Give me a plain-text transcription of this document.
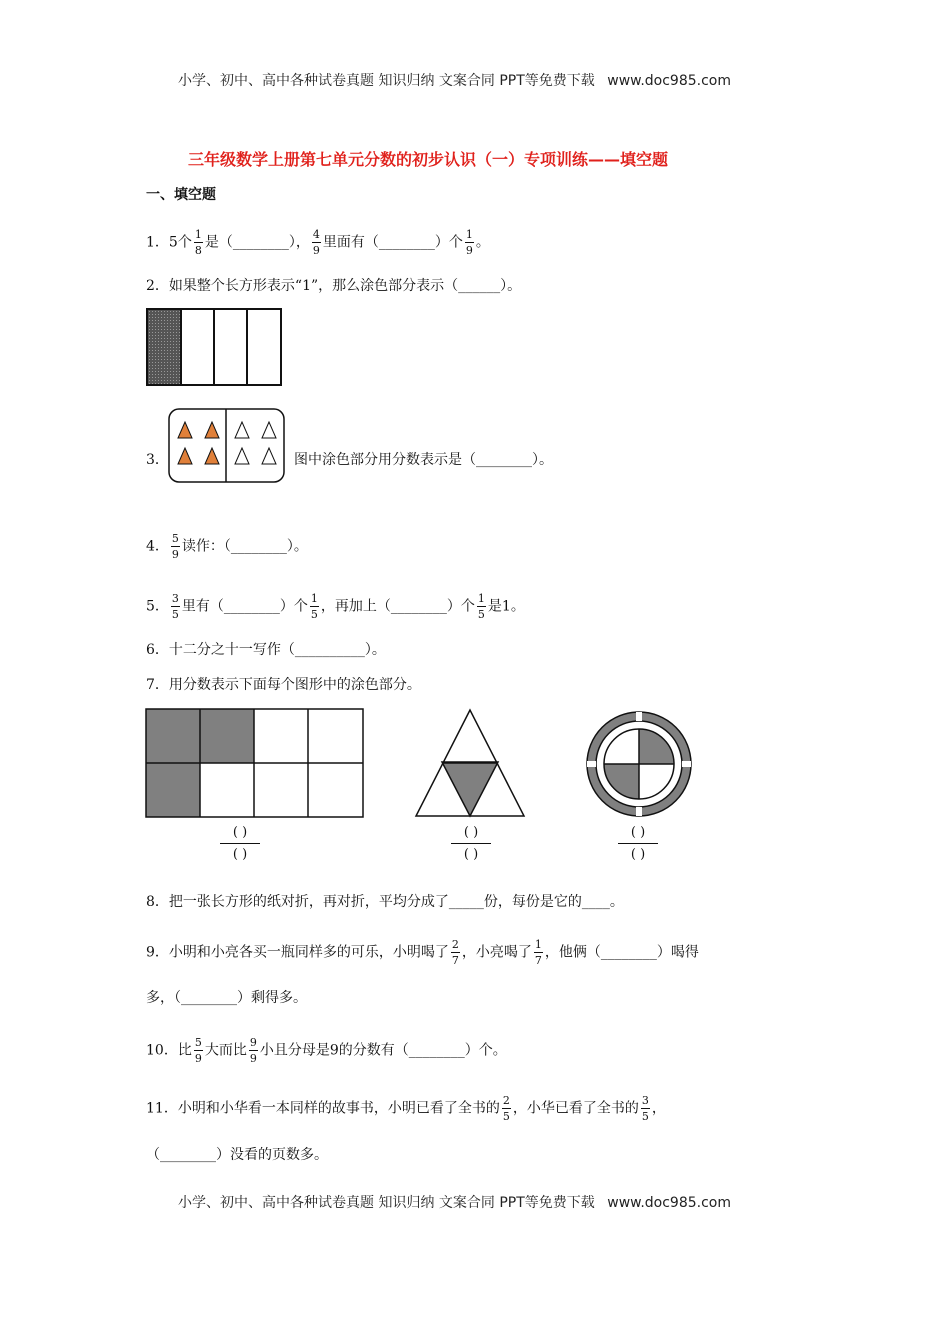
小学、初中、高中各种试卷真题 知识归纳 文案合同 PPT等免费下载 www.doc985.com
三年级数学上册第七单元分数的初步认识（一）专项训练——填空题
一、填空题
1．5个 $\frac{1}{8}$ 是（________）， $\frac{4}{9}$ 里面有（________）个 $\frac{1}{9}$ 。
2．如果整个长方形表示“1”，那么涂色部分表示（______）。
3．	图中涂色部分用分数表示是（________）。
4． $\frac{5}{9}$ 读作：（________）。
5． $\frac{3}{5}$ 里有（________）个 $\frac{1}{5}$ ，再加上（________）个 $\frac{1}{5}$ 是1。
6．十二分之十一写作（__________）。
7．用分数表示下面每个图形中的涂色部分。
( )
( )
( )
( )
( )
( )
8．把一张长方形的纸对折，再对折，平均分成了_____份，每份是它的____。
9．小明和小亮各买一瓶同样多的可乐，小明喝了 $\frac{2}{7}$ ，小亮喝了 $\frac{1}{7}$ ，他俩（________）喝得
多，（________）剩得多。
10．比 $\frac{5}{9}$ 大而比 $\frac{9}{9}$ 小且分母是9的分数有（________）个。
11．小明和小华看一本同样的故事书，小明已看了全书的 $\frac{2}{5}$ ，小华已看了全书的 $\frac{3}{5}$ ，
（________）没看的页数多。
小学、初中、高中各种试卷真题 知识归纳 文案合同 PPT等免费下载 www.doc985.com
